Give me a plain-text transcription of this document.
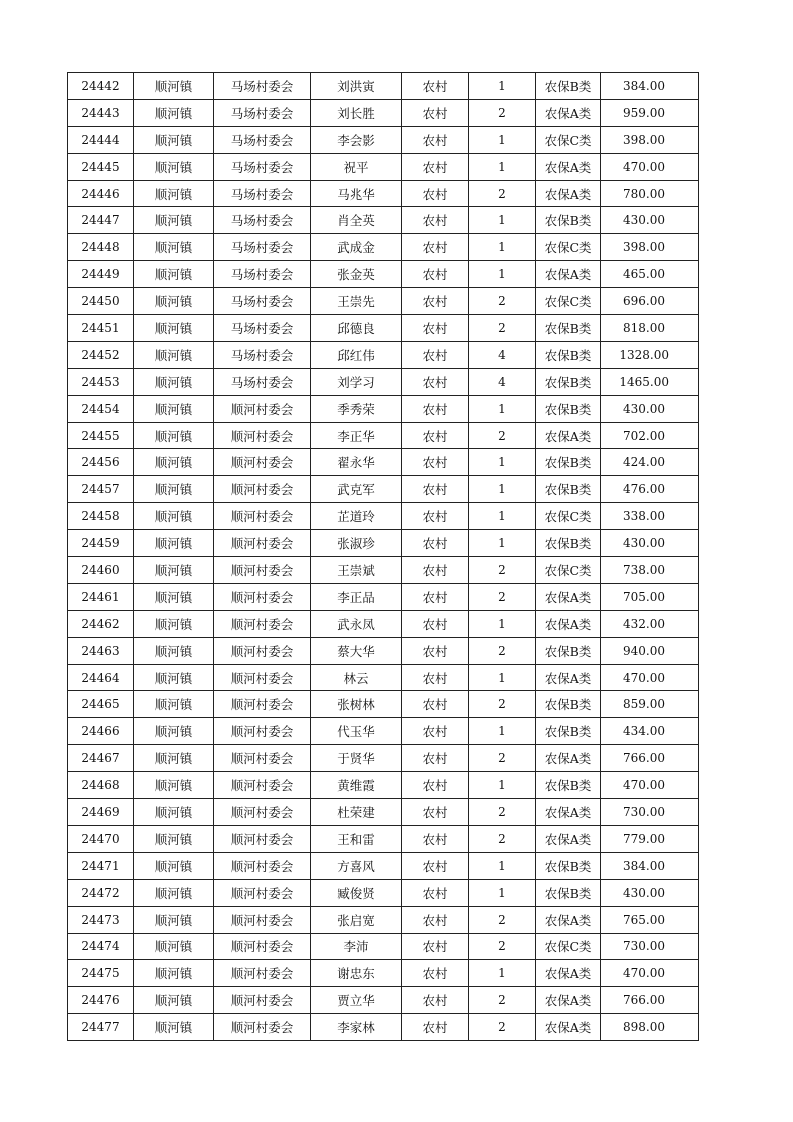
24442	顺河镇	马场村委会	刘洪寅	农村	1	农保B类	384.00
24443	顺河镇	马场村委会	刘长胜	农村	2	农保A类	959.00
24444	顺河镇	马场村委会	李会影	农村	1	农保C类	398.00
24445	顺河镇	马场村委会	祝平	农村	1	农保A类	470.00
24446	顺河镇	马场村委会	马兆华	农村	2	农保A类	780.00
24447	顺河镇	马场村委会	肖全英	农村	1	农保B类	430.00
24448	顺河镇	马场村委会	武成金	农村	1	农保C类	398.00
24449	顺河镇	马场村委会	张金英	农村	1	农保A类	465.00
24450	顺河镇	马场村委会	王崇先	农村	2	农保C类	696.00
24451	顺河镇	马场村委会	邱德良	农村	2	农保B类	818.00
24452	顺河镇	马场村委会	邱红伟	农村	4	农保B类	1328.00
24453	顺河镇	马场村委会	刘学习	农村	4	农保B类	1465.00
24454	顺河镇	顺河村委会	季秀荣	农村	1	农保B类	430.00
24455	顺河镇	顺河村委会	李正华	农村	2	农保A类	702.00
24456	顺河镇	顺河村委会	翟永华	农村	1	农保B类	424.00
24457	顺河镇	顺河村委会	武克军	农村	1	农保B类	476.00
24458	顺河镇	顺河村委会	芷道玲	农村	1	农保C类	338.00
24459	顺河镇	顺河村委会	张淑珍	农村	1	农保B类	430.00
24460	顺河镇	顺河村委会	王崇斌	农村	2	农保C类	738.00
24461	顺河镇	顺河村委会	李正品	农村	2	农保A类	705.00
24462	顺河镇	顺河村委会	武永凤	农村	1	农保A类	432.00
24463	顺河镇	顺河村委会	蔡大华	农村	2	农保B类	940.00
24464	顺河镇	顺河村委会	林云	农村	1	农保A类	470.00
24465	顺河镇	顺河村委会	张树林	农村	2	农保B类	859.00
24466	顺河镇	顺河村委会	代玉华	农村	1	农保B类	434.00
24467	顺河镇	顺河村委会	于贤华	农村	2	农保A类	766.00
24468	顺河镇	顺河村委会	黄维霞	农村	1	农保B类	470.00
24469	顺河镇	顺河村委会	杜荣建	农村	2	农保A类	730.00
24470	顺河镇	顺河村委会	王和雷	农村	2	农保A类	779.00
24471	顺河镇	顺河村委会	方喜风	农村	1	农保B类	384.00
24472	顺河镇	顺河村委会	臧俊贤	农村	1	农保B类	430.00
24473	顺河镇	顺河村委会	张启宽	农村	2	农保A类	765.00
24474	顺河镇	顺河村委会	李沛	农村	2	农保C类	730.00
24475	顺河镇	顺河村委会	谢忠东	农村	1	农保A类	470.00
24476	顺河镇	顺河村委会	贾立华	农村	2	农保A类	766.00
24477	顺河镇	顺河村委会	李家林	农村	2	农保A类	898.00
